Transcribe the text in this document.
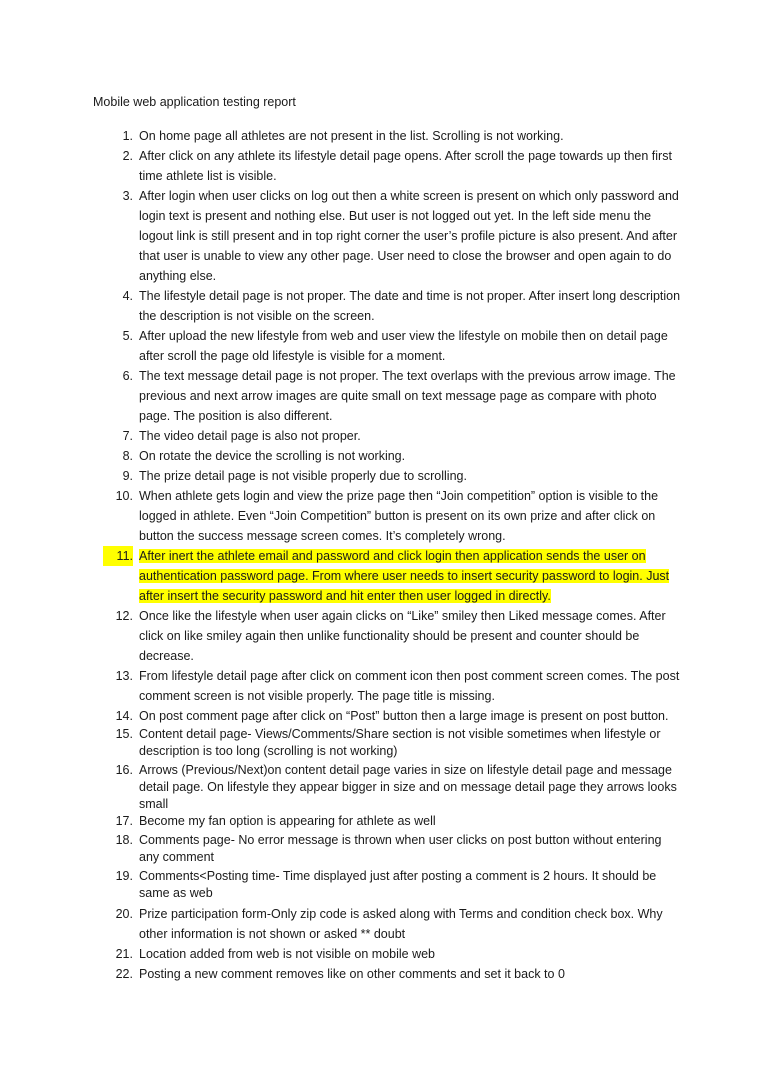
Mobile web application testing report
1. On home page all athletes are not present in the list. Scrolling is not working.
2. After click on any athlete its lifestyle detail page opens. After scroll the page towards up then first time athlete list is visible.
3. After login when user clicks on log out then a white screen is present on which only password and login text is present and nothing else. But user is not logged out yet. In the left side menu the logout link is still present and in top right corner the user’s profile picture is also present. And after that user is unable to view any other page. User need to close the browser and open again to do anything else.
4. The lifestyle detail page is not proper. The date and time is not proper. After insert long description the description is not visible on the screen.
5. After upload the new lifestyle from web and user view the lifestyle on mobile then on detail page after scroll the page old lifestyle is visible for a moment.
6. The text message detail page is not proper. The text overlaps with the previous arrow image. The previous and next arrow images are quite small on text message page as compare with photo page. The position is also different.
7. The video detail page is also not proper.
8. On rotate the device the scrolling is not working.
9. The prize detail page is not visible properly due to scrolling.
10. When athlete gets login and view the prize page then “Join competition” option is visible to the logged in athlete. Even “Join Competition” button is present on its own prize and after click on button the success message screen comes. It’s completely wrong.
11. After inert the athlete email and password and click login then application sends the user on authentication password page. From where user needs to insert security password to login. Just after insert the security password and hit enter then user logged in directly.
12. Once like the lifestyle when user again clicks on “Like” smiley then Liked message comes. After click on like smiley again then unlike functionality should be present and counter should be decrease.
13. From lifestyle detail page after click on comment icon then post comment screen comes. The post comment screen is not visible properly. The page title is missing.
14. On post comment page after click on “Post” button then a large image is present on post button.
15. Content detail page- Views/Comments/Share section is not visible sometimes when lifestyle or description is too long (scrolling is not working)
16. Arrows (Previous/Next)on content detail page varies in size on lifestyle detail page and message detail page. On lifestyle they appear bigger in size and on message detail page they arrows looks small
17. Become my fan option is appearing for athlete as well
18. Comments page- No error message is thrown when user clicks on post button without entering any comment
19. Comments<Posting time- Time displayed just after posting a comment is 2 hours. It should be same as web
20. Prize participation form-Only zip code is asked along with Terms and condition check box. Why other information is not shown or asked ** doubt
21. Location added from web is not visible on mobile web
22. Posting a new comment removes like on other comments and set it back to 0
